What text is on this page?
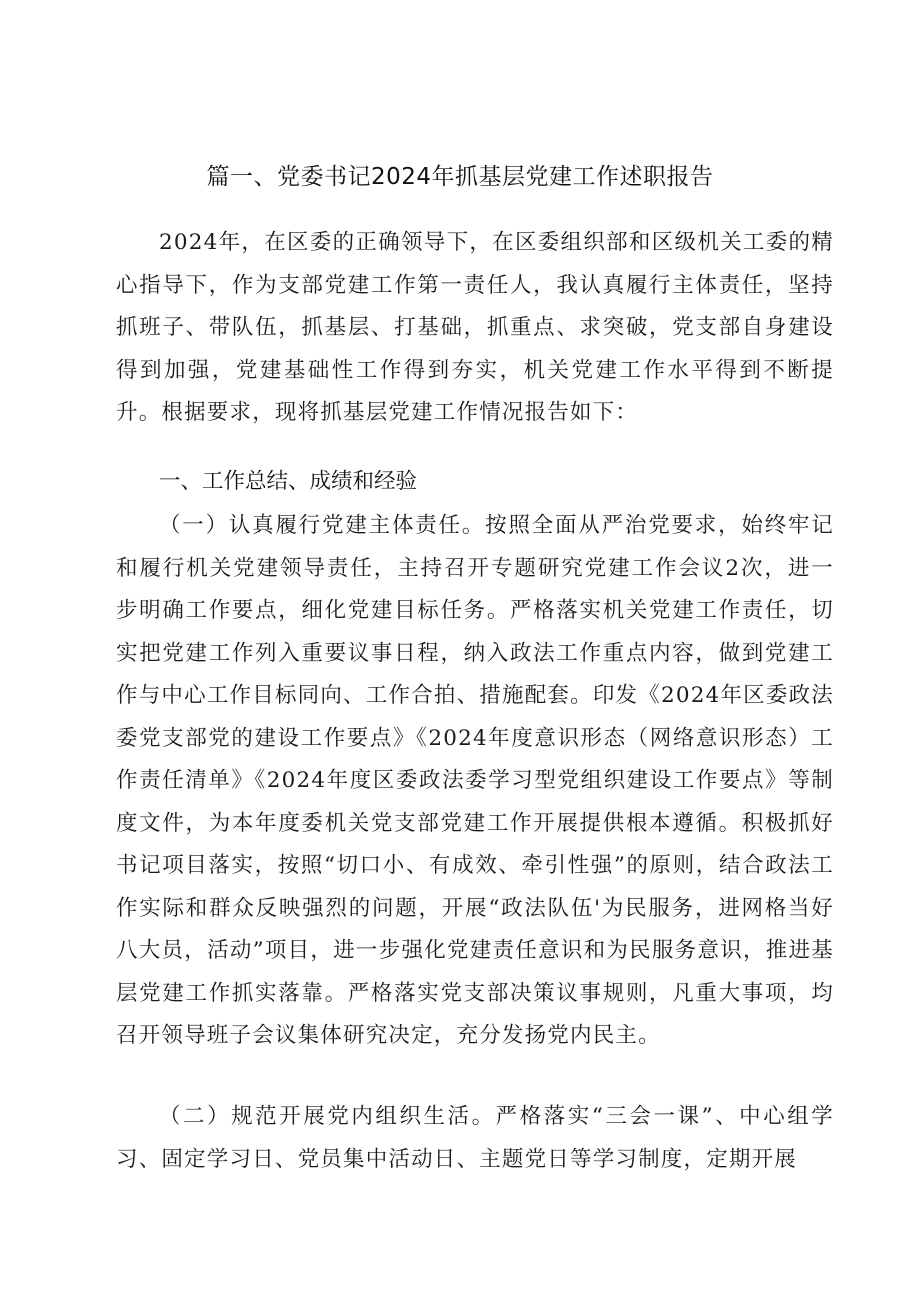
篇一、党委书记2024年抓基层党建工作述职报告

2024年，在区委的正确领导下，在区委组织部和区级机关工委的精心指导下，作为支部党建工作第一责任人，我认真履行主体责任，坚持抓班子、带队伍，抓基层、打基础，抓重点、求突破，党支部自身建设得到加强，党建基础性工作得到夯实，机关党建工作水平得到不断提升。根据要求，现将抓基层党建工作情况报告如下：

一、工作总结、成绩和经验

（一）认真履行党建主体责任。按照全面从严治党要求，始终牢记和履行机关党建领导责任，主持召开专题研究党建工作会议2次，进一步明确工作要点，细化党建目标任务。严格落实机关党建工作责任，切实把党建工作列入重要议事日程，纳入政法工作重点内容，做到党建工作与中心工作目标同向、工作合拍、措施配套。印发《2024年区委政法委党支部党的建设工作要点》《2024年度意识形态（网络意识形态）工作责任清单》《2024年度区委政法委学习型党组织建设工作要点》等制度文件，为本年度委机关党支部党建工作开展提供根本遵循。积极抓好书记项目落实，按照“切口小、有成效、牵引性强”的原则，结合政法工作实际和群众反映强烈的问题，开展“政法队伍'为民服务，进网格当好八大员，活动”项目，进一步强化党建责任意识和为民服务意识，推进基层党建工作抓实落靠。严格落实党支部决策议事规则，凡重大事项，均召开领导班子会议集体研究决定，充分发扬党内民主。

（二）规范开展党内组织生活。严格落实“三会一课”、中心组学习、固定学习日、党员集中活动日、主题党日等学习制度，定期开展
